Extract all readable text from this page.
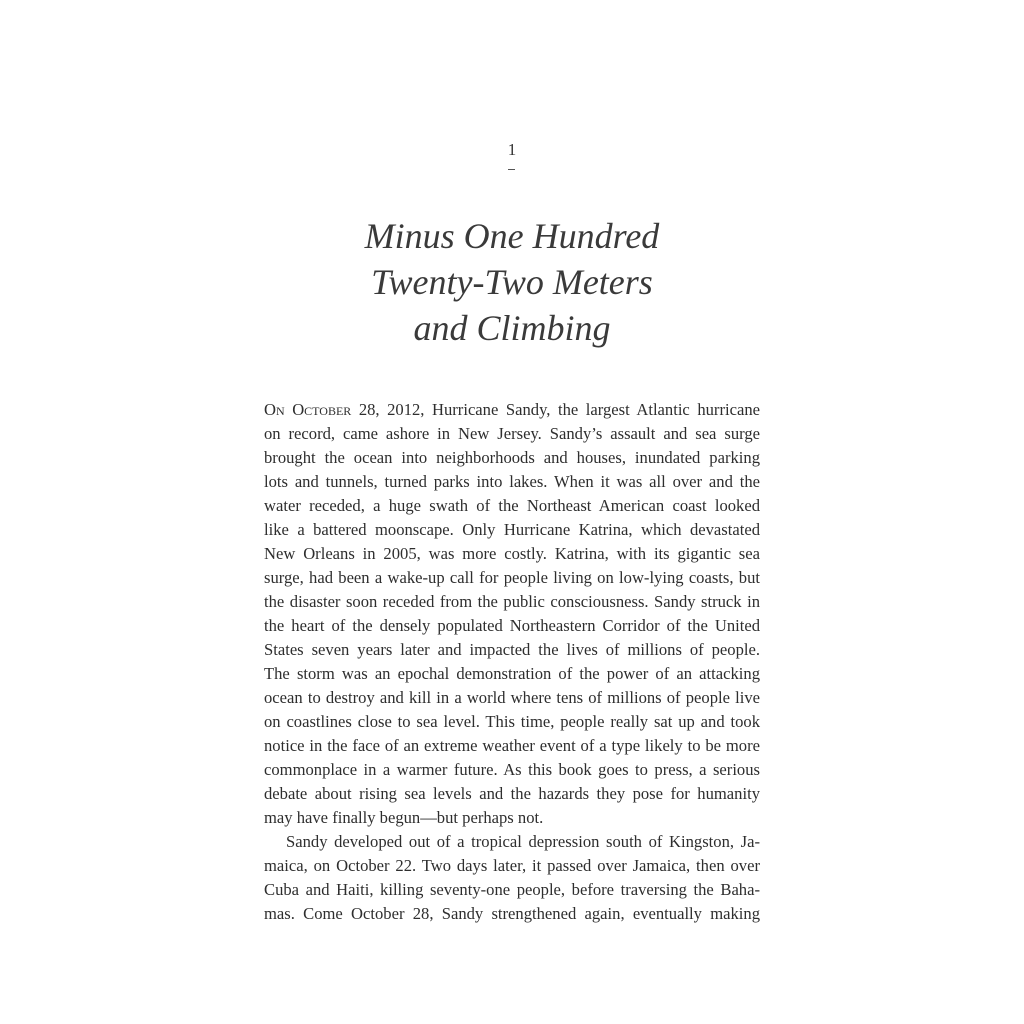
1
Minus One Hundred
Twenty-Two Meters
and Climbing
On October 28, 2012, Hurricane Sandy, the largest Atlantic hurricane
on record, came ashore in New Jersey. Sandy’s assault and sea surge
brought the ocean into neighborhoods and houses, inundated parking
lots and tunnels, turned parks into lakes. When it was all over and the
water receded, a huge swath of the Northeast American coast looked
like a battered moonscape. Only Hurricane Katrina, which devastated
New Orleans in 2005, was more costly. Katrina, with its gigantic sea
surge, had been a wake-up call for people living on low-lying coasts, but
the disaster soon receded from the public consciousness. Sandy struck in
the heart of the densely populated Northeastern Corridor of the United
States seven years later and impacted the lives of millions of people.
The storm was an epochal demonstration of the power of an attacking
ocean to destroy and kill in a world where tens of millions of people live
on coastlines close to sea level. This time, people really sat up and took
notice in the face of an extreme weather event of a type likely to be more
commonplace in a warmer future. As this book goes to press, a serious
debate about rising sea levels and the hazards they pose for humanity
may have finally begun—but perhaps not.
Sandy developed out of a tropical depression south of Kingston, Ja-
maica, on October 22. Two days later, it passed over Jamaica, then over
Cuba and Haiti, killing seventy-one people, before traversing the Baha-
mas. Come October 28, Sandy strengthened again, eventually making
